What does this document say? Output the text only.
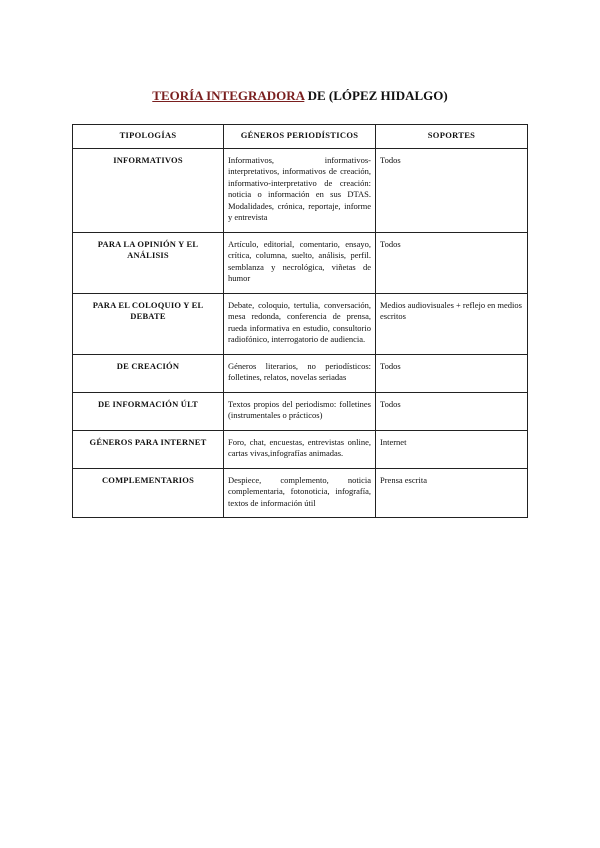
TEORÍA INTEGRADORA DE (LÓPEZ HIDALGO)
TIPOLOGÍAS	GÉNEROS PERIODÍSTICOS	SOPORTES
INFORMATIVOS	Informativos, informativos-interpretativos, informativos de creación, informativo-interpretativo de creación: noticia o información en sus DTAS. Modalidades, crónica, reportaje, informe y entrevista	Todos
PARA LA OPINIÓN Y EL ANÁLISIS	Artículo, editorial, comentario, ensayo, crítica, columna, suelto, análisis, perfil. semblanza y necrológica, viñetas de humor	Todos
PARA EL COLOQUIO Y EL DEBATE	Debate, coloquio, tertulia, conversación, mesa redonda, conferencia de prensa, rueda informativa en estudio, consultorio radiofónico, interrogatorio de audiencia.	Medios audiovisuales + reflejo en medios escritos
DE CREACIÓN	Géneros literarios, no periodísticos: folletines, relatos, novelas seriadas	Todos
DE INFORMACIÓN ÚLT	Textos propios del periodismo: folletines (instrumentales o prácticos)	Todos
GÉNEROS PARA INTERNET	Foro, chat, encuestas, entrevistas online, cartas vivas,infografías animadas.	Internet
COMPLEMENTARIOS	Despiece, complemento, noticia complementaria, fotonoticia, infografía, textos de información útil	Prensa escrita
